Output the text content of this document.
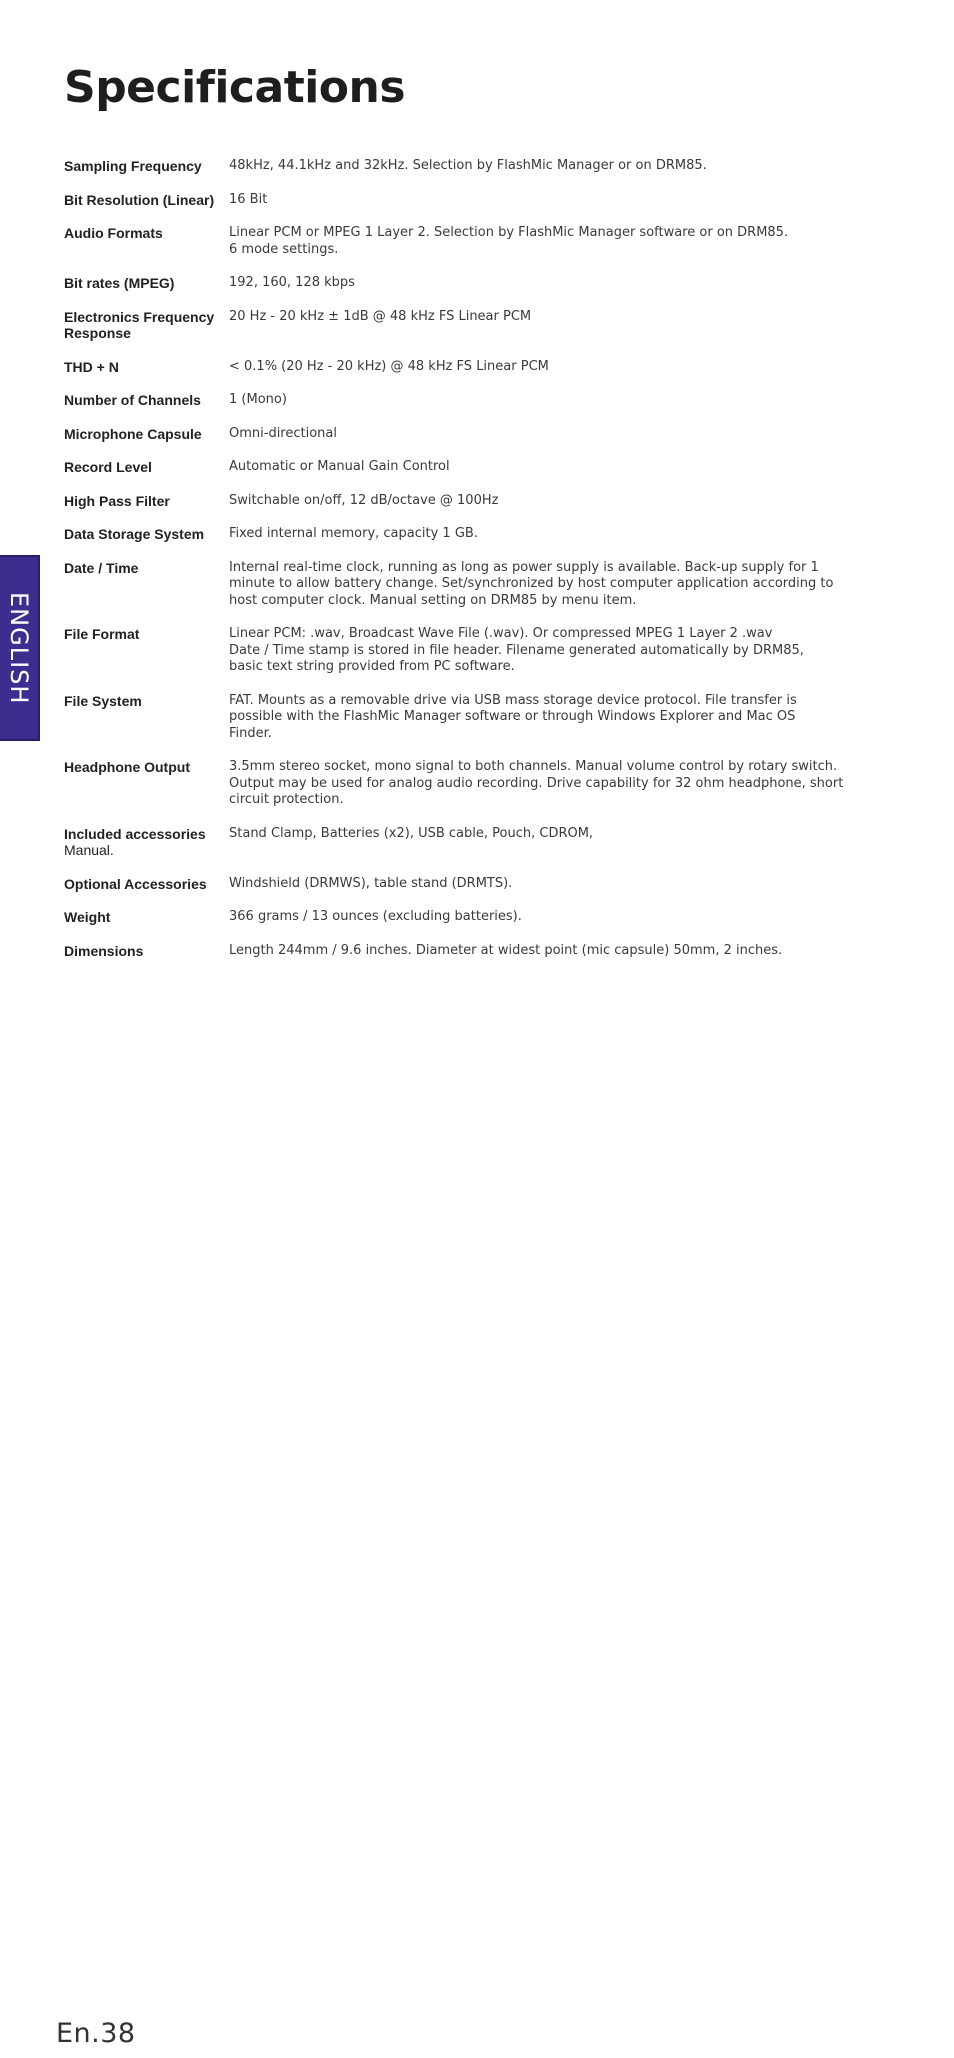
Specifications
ENGLISH
Sampling Frequency	48kHz, 44.1kHz and 32kHz. Selection by FlashMic Manager or on DRM85.
Bit Resolution (Linear)	16 Bit
Audio Formats	Linear PCM or MPEG 1 Layer 2. Selection by FlashMic Manager software or on DRM85.
6 mode settings.
Bit rates (MPEG)	192, 160, 128 kbps
Electronics Frequency Response	20 Hz - 20 kHz ± 1dB @ 48 kHz FS Linear PCM
THD + N	< 0.1% (20 Hz - 20 kHz) @ 48 kHz FS Linear PCM
Number of Channels	1 (Mono)
Microphone Capsule	Omni-directional
Record Level	Automatic or Manual Gain Control
High Pass Filter	Switchable on/off, 12 dB/octave @ 100Hz
Data Storage System	Fixed internal memory, capacity 1 GB.
Date / Time	Internal real-time clock, running as long as power supply is available. Back-up supply for 1
minute to allow battery change. Set/synchronized by host computer application according to
host computer clock. Manual setting on DRM85 by menu item.
File Format	Linear PCM: .wav, Broadcast Wave File (.wav). Or compressed MPEG 1 Layer 2 .wav
Date / Time stamp is stored in file header. Filename generated automatically by DRM85,
basic text string provided from PC software.
File System	FAT. Mounts as a removable drive via USB mass storage device protocol. File transfer is
possible with the FlashMic Manager software or through Windows Explorer and Mac OS
Finder.
Headphone Output	3.5mm stereo socket, mono signal to both channels. Manual volume control by rotary switch.
Output may be used for analog audio recording. Drive capability for 32 ohm headphone, short
circuit protection.
Included accessories
Manual.	Stand Clamp, Batteries (x2), USB cable, Pouch, CDROM,
Optional Accessories	Windshield (DRMWS), table stand (DRMTS).
Weight	366 grams / 13 ounces (excluding batteries).
Dimensions	Length 244mm / 9.6 inches. Diameter at widest point (mic capsule) 50mm, 2 inches.
En.38
